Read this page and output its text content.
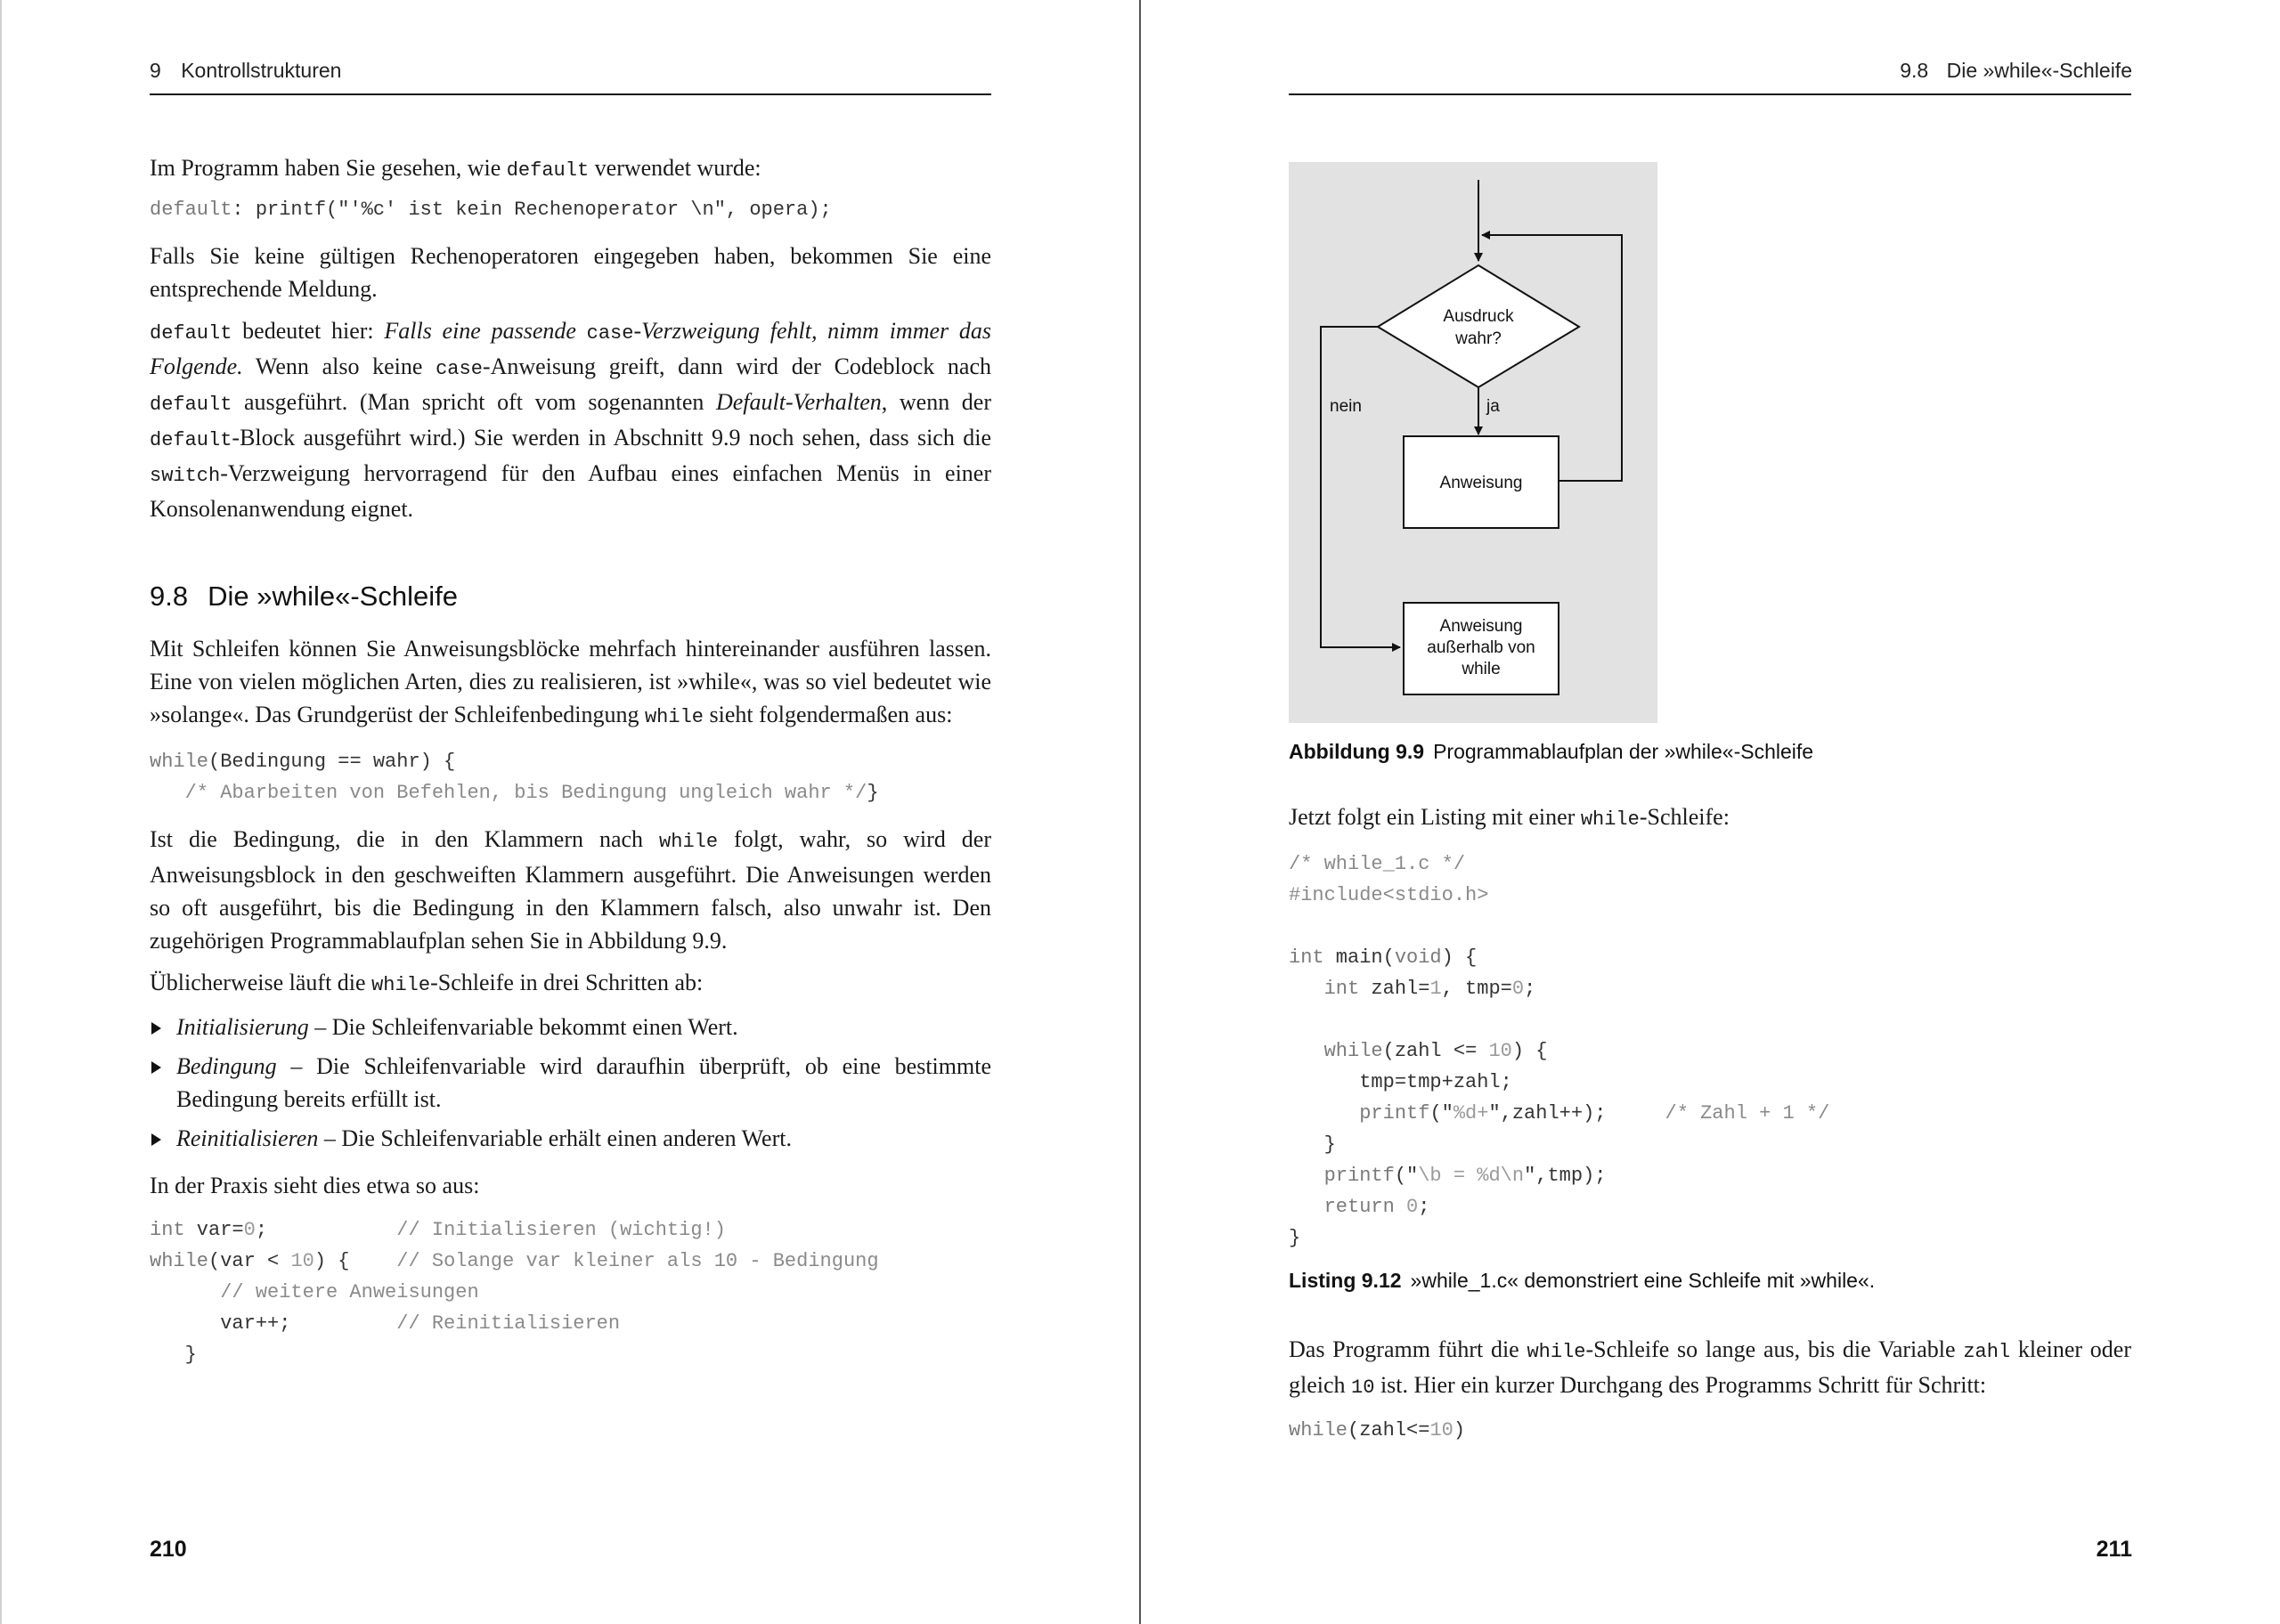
9 Kontrollstrukturen

Im Programm haben Sie gesehen, wie default verwendet wurde:

default: printf("'%c' ist kein Rechenoperator \n", opera);

Falls Sie keine gültigen Rechenoperatoren eingegeben haben, bekommen Sie eine entsprechende Meldung.

default bedeutet hier: Falls eine passende case-Verzweigung fehlt, nimm immer das Folgende. Wenn also keine case-Anweisung greift, dann wird der Codeblock nach default ausgeführt. (Man spricht oft vom sogenannten Default-Verhalten, wenn der default-Block ausgeführt wird.) Sie werden in Abschnitt 9.9 noch sehen, dass sich die switch-Verzweigung hervorragend für den Aufbau eines einfachen Menüs in einer Konsolenanwendung eignet.

9.8 Die »while«-Schleife

Mit Schleifen können Sie Anweisungsblöcke mehrfach hintereinander ausführen lassen. Eine von vielen möglichen Arten, dies zu realisieren, ist »while«, was so viel bedeutet wie »solange«. Das Grundgerüst der Schleifenbedingung while sieht folgendermaßen aus:

while(Bedingung == wahr) {
/* Abarbeiten von Befehlen, bis Bedingung ungleich wahr */}

Ist die Bedingung, die in den Klammern nach while folgt, wahr, so wird der Anweisungsblock in den geschweiften Klammern ausgeführt. Die Anweisungen werden so oft ausgeführt, bis die Bedingung in den Klammern falsch, also unwahr ist. Den zugehörigen Programmablaufplan sehen Sie in Abbildung 9.9.

Üblicherweise läuft die while-Schleife in drei Schritten ab:

Initialisierung – Die Schleifenvariable bekommt einen Wert.
Bedingung – Die Schleifenvariable wird daraufhin überprüft, ob eine bestimmte Bedingung bereits erfüllt ist.
Reinitialisieren – Die Schleifenvariable erhält einen anderen Wert.

In der Praxis sieht dies etwa so aus:

int var=0;           // Initialisieren (wichtig!)
while(var < 10) {    // Solange var kleiner als 10 - Bedingung
// weitere Anweisungen
var++;         // Reinitialisieren
}
210
9.8 Die »while«-Schleife
211
Ausdruck
wahr?
ja
Anweisung
nein
Anweisung
außerhalb von
while

Abbildung 9.9 Programmablaufplan der »while«-Schleife

Jetzt folgt ein Listing mit einer while-Schleife:

/* while_1.c */
#include<stdio.h>

int main(void) {
int zahl=1, tmp=0;

while(zahl <= 10) {
tmp=tmp+zahl;
printf("%d+",zahl++);     /* Zahl + 1 */
}
printf("\b = %d\n",tmp);
return 0;
}

Listing 9.12 »while_1.c« demonstriert eine Schleife mit »while«.

Das Programm führt die while-Schleife so lange aus, bis die Variable zahl kleiner oder gleich 10 ist. Hier ein kurzer Durchgang des Programms Schritt für Schritt:

while(zahl<=10)
